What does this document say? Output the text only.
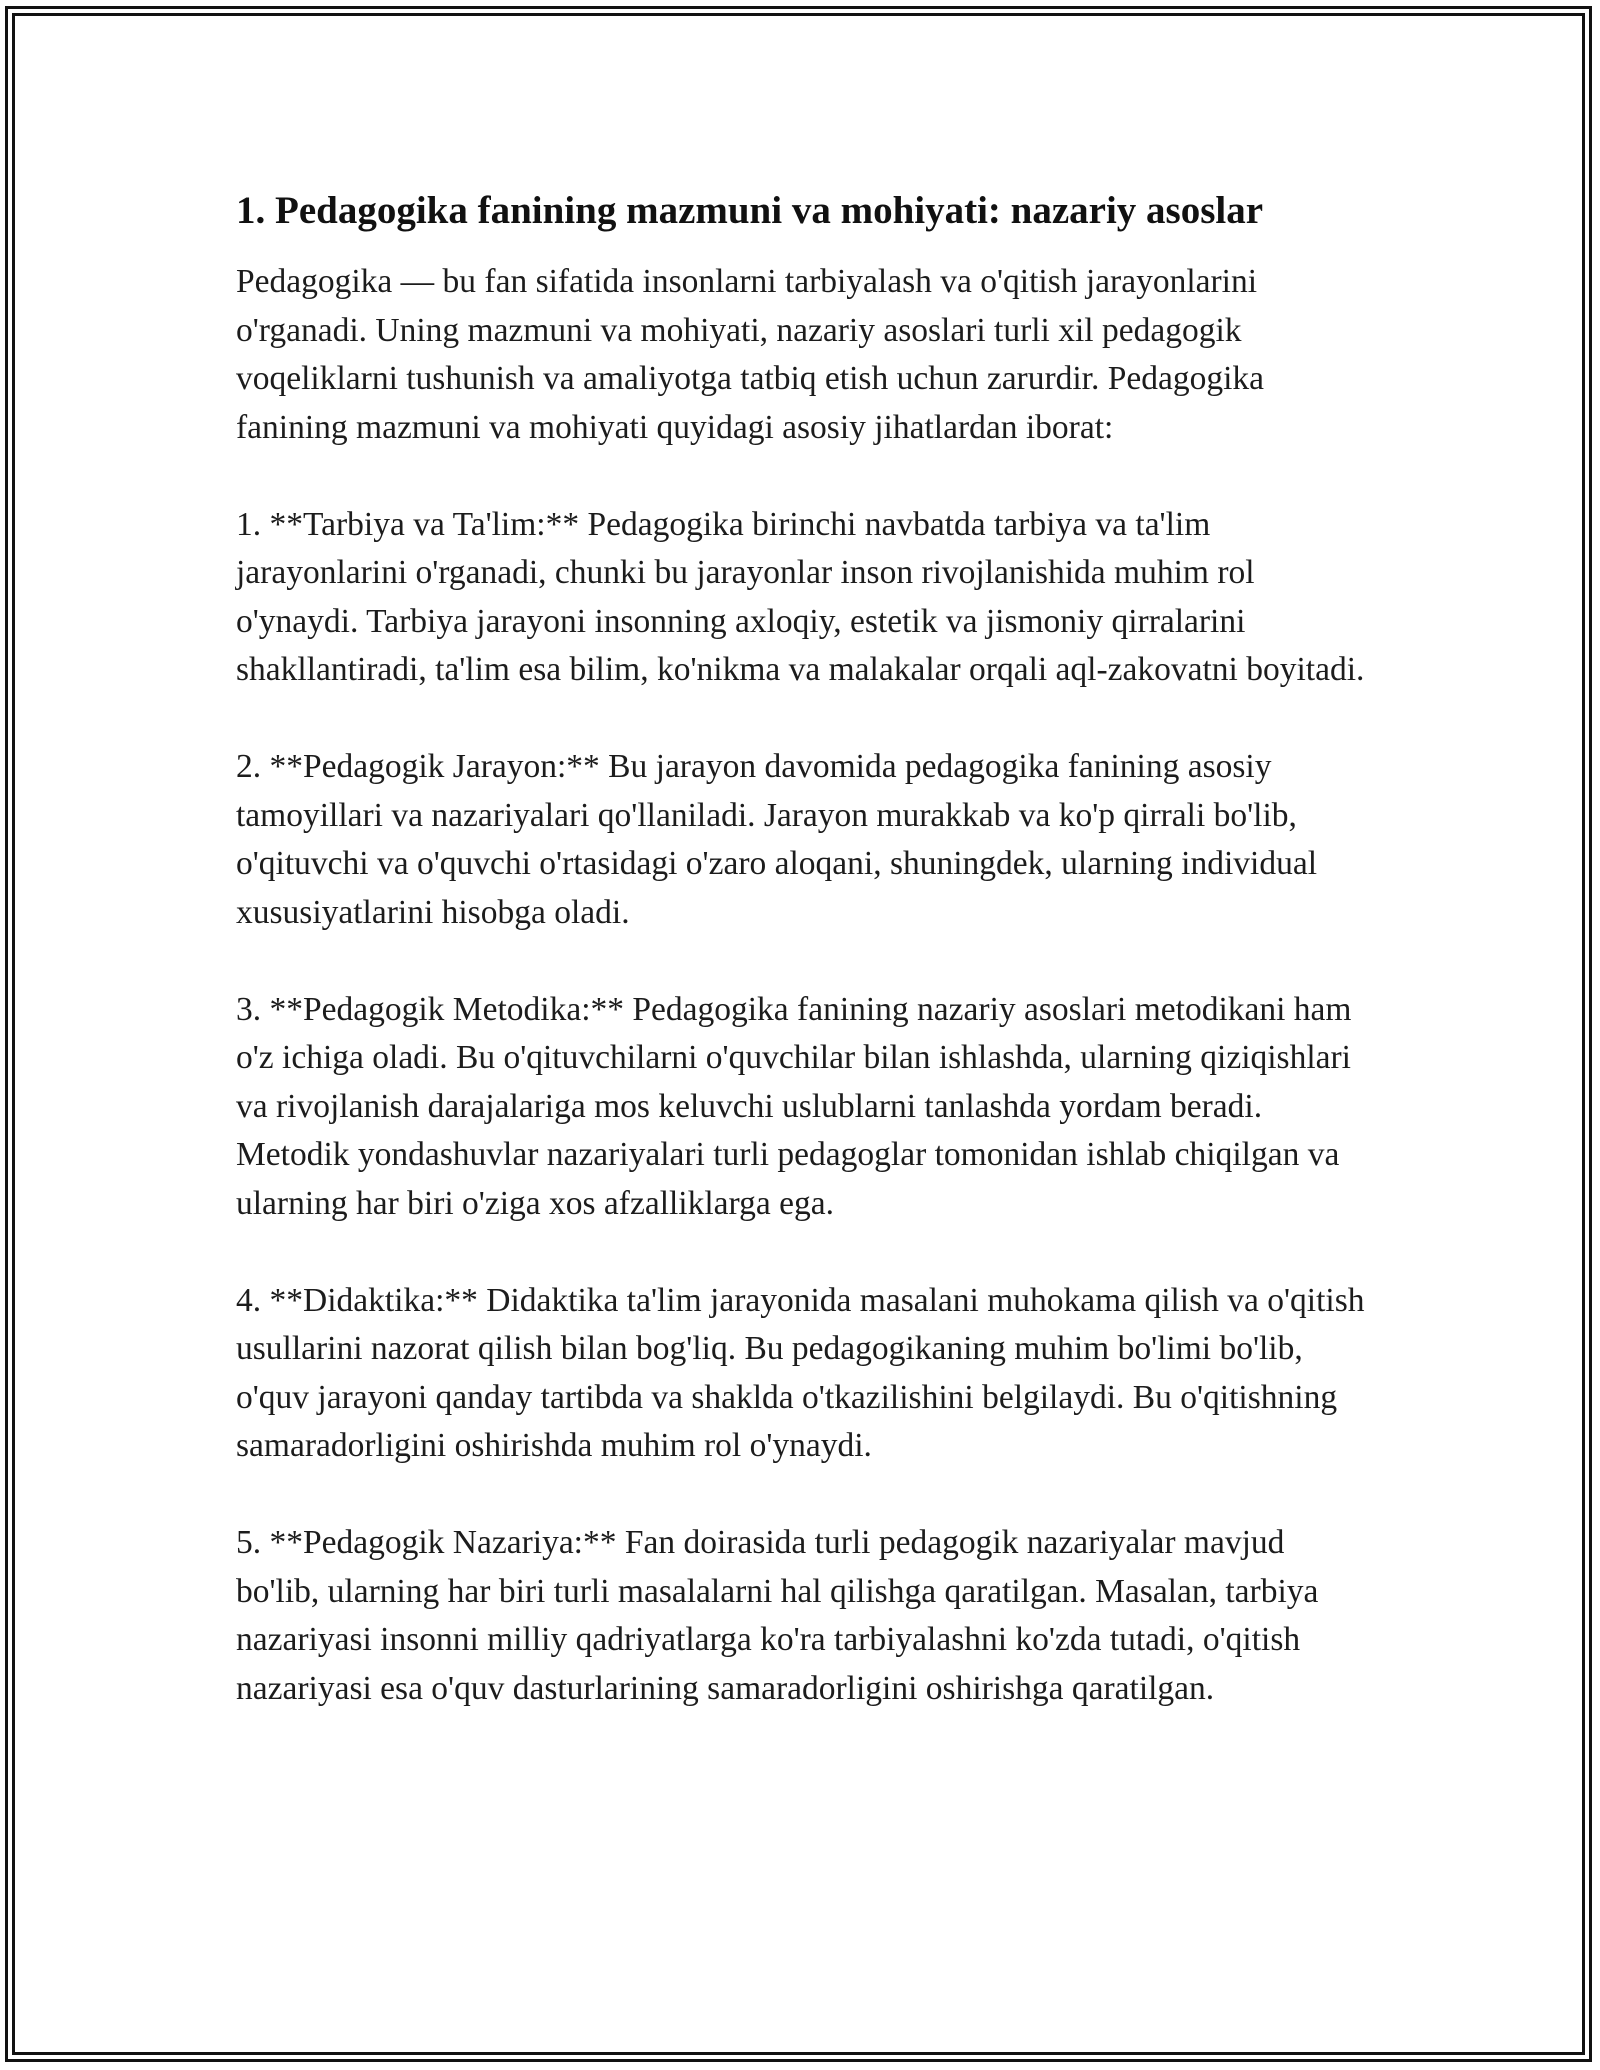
1. Pedagogika fanining mazmuni va mohiyati: nazariy asoslar

Pedagogika — bu fan sifatida insonlarni tarbiyalash va o'qitish jarayonlarini o'rganadi. Uning mazmuni va mohiyati, nazariy asoslari turli xil pedagogik voqeliklarni tushunish va amaliyotga tatbiq etish uchun zarurdir. Pedagogika fanining mazmuni va mohiyati quyidagi asosiy jihatlardan iborat:

1. **Tarbiya va Ta'lim:** Pedagogika birinchi navbatda tarbiya va ta'lim jarayonlarini o'rganadi, chunki bu jarayonlar inson rivojlanishida muhim rol o'ynaydi. Tarbiya jarayoni insonning axloqiy, estetik va jismoniy qirralarini shakllantiradi, ta'lim esa bilim, ko'nikma va malakalar orqali aql-zakovatni boyitadi.

2. **Pedagogik Jarayon:** Bu jarayon davomida pedagogika fanining asosiy tamoyillari va nazariyalari qo'llaniladi. Jarayon murakkab va ko'p qirrali bo'lib, o'qituvchi va o'quvchi o'rtasidagi o'zaro aloqani, shuningdek, ularning individual xususiyatlarini hisobga oladi.

3. **Pedagogik Metodika:** Pedagogika fanining nazariy asoslari metodikani ham o'z ichiga oladi. Bu o'qituvchilarni o'quvchilar bilan ishlashda, ularning qiziqishlari va rivojlanish darajalariga mos keluvchi uslublarni tanlashda yordam beradi. Metodik yondashuvlar nazariyalari turli pedagoglar tomonidan ishlab chiqilgan va ularning har biri o'ziga xos afzalliklarga ega.

4. **Didaktika:** Didaktika ta'lim jarayonida masalani muhokama qilish va o'qitish usullarini nazorat qilish bilan bog'liq. Bu pedagogikaning muhim bo'limi bo'lib, o'quv jarayoni qanday tartibda va shaklda o'tkazilishini belgilaydi. Bu o'qitishning samaradorligini oshirishda muhim rol o'ynaydi.

5. **Pedagogik Nazariya:** Fan doirasida turli pedagogik nazariyalar mavjud bo'lib, ularning har biri turli masalalarni hal qilishga qaratilgan. Masalan, tarbiya nazariyasi insonni milliy qadriyatlarga ko'ra tarbiyalashni ko'zda tutadi, o'qitish nazariyasi esa o'quv dasturlarining samaradorligini oshirishga qaratilgan.
